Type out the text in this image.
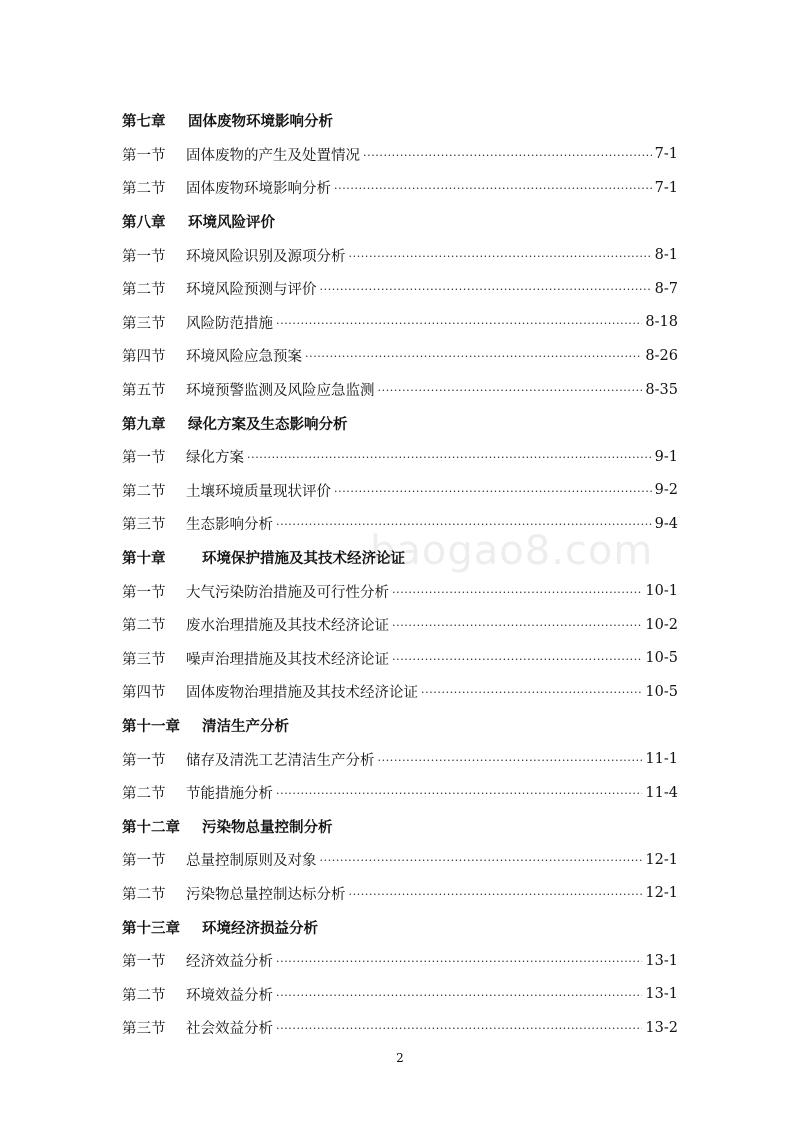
第七章	固体废物环境影响分析
第一节	固体废物的产生及处置情况 ·····	7-1
第二节	固体废物环境影响分析 ·····	7-1
第八章	环境风险评价
第一节	环境风险识别及源项分析 ·····	8-1
第二节	环境风险预测与评价 ·····	8-7
第三节	风险防范措施 ·····	8-18
第四节	环境风险应急预案 ·····	8-26
第五节	环境预警监测及风险应急监测 ·····	8-35
第九章	绿化方案及生态影响分析
第一节	绿化方案 ·····	9-1
第二节	土壤环境质量现状评价 ·····	9-2
第三节	生态影响分析 ·····	9-4
第十章	环境保护措施及其技术经济论证
第一节	大气污染防治措施及可行性分析 ·····	10-1
第二节	废水治理措施及其技术经济论证 ·····	10-2
第三节	噪声治理措施及其技术经济论证 ·····	10-5
第四节	固体废物治理措施及其技术经济论证 ·····	10-5
第十一章	清洁生产分析
第一节	储存及清洗工艺清洁生产分析 ·····	11-1
第二节	节能措施分析 ·····	11-4
第十二章	污染物总量控制分析
第一节	总量控制原则及对象 ·····	12-1
第二节	污染物总量控制达标分析 ·····	12-1
第十三章	环境经济损益分析
第一节	经济效益分析 ·····	13-1
第二节	环境效益分析 ·····	13-1
第三节	社会效益分析 ·····	13-2
baogao8.com
2
